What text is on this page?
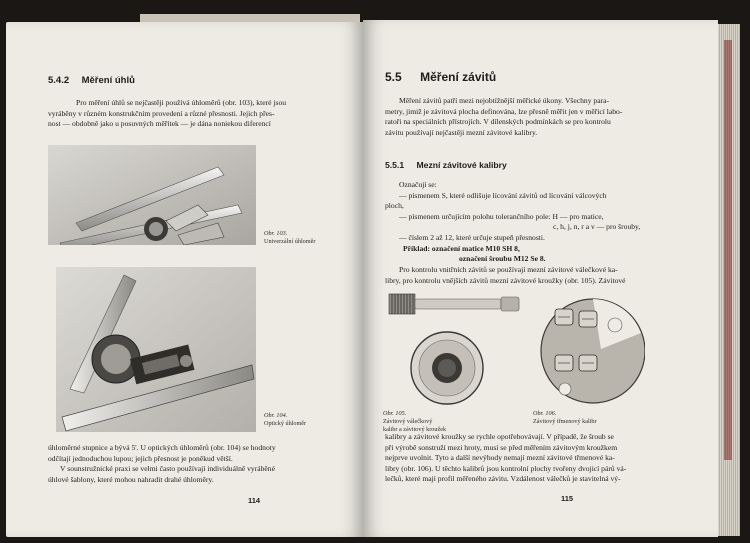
5.4.2 Měření úhlů
Pro měření úhlů se nejčastěji používá úhloměrů (obr. 103), které jsou
vyráběny v různém konstrukčním provedení a různé přesnosti. Jejich přes-
nost — obdobně jako u posuvných měřítek — je dána noniekou diferencí
Obr. 103.
Univerzální úhloměr
Obr. 104.
Optický úhloměr
úhloměrné stupnice a bývá 5'. U optických úhloměrů (obr. 104) se hodnoty
odčítají jednoduchou lupou; jejich přesnost je poněkud větší.
V sounstružnické praxi se velmi často používají individuálně vyráběné
úhlové šablony, které mohou nahradit drahé úhloměry.
114
5.5 Měření závitů
Měření závitů patří mezi nejobtížnější měřické úkony. Všechny para-
metry, jimiž je závitová plocha definována, lze přesně měřit jen v měřicí labo-
ratoři na speciálních přístrojích. V dílenských podmínkách se pro kontrolu
závitu používají nejčastěji mezní závitové kalibry.
5.5.1 Mezní závitové kalibry
Označují se:
— písmenem S, které odlišuje lícování závitů od lícování válcových
ploch,
— písmenem určujícím polohu tolerančního pole: H — pro matice,
c, h, j, n, r a v — pro šrouby,
— číslem 2 až 12, které určuje stupeň přesnosti.
Příklad: označení matice M10 SH 8,
označení šroubu M12 Se 8.
Pro kontrolu vnitřních závitů se používají mezní závitové válečkové ka-
libry, pro kontrolu vnějších závitů mezní závitové kroužky (obr. 105). Závitové
Obr. 105.
Závitový válečkový
kalibr a závitový kroužek
Obr. 106.
Závitový třmenový kalibr
kalibry a závitové kroužky se rychle opotřebovávají. V případě, že šroub se
při výrobě sonstruží mezi hroty, musí se před měřením závitovým kroužkem
nejprve uvolnit. Tyto a další nevýhody nemají mezní závitové třmenové ka-
libry (obr. 106). U těchto kalibrů jsou kontrolní plochy tvořeny dvojicí párů vá-
lečků, které mají profil měřeného závitu. Vzdálenost válečků je stavitelná vý-
115
